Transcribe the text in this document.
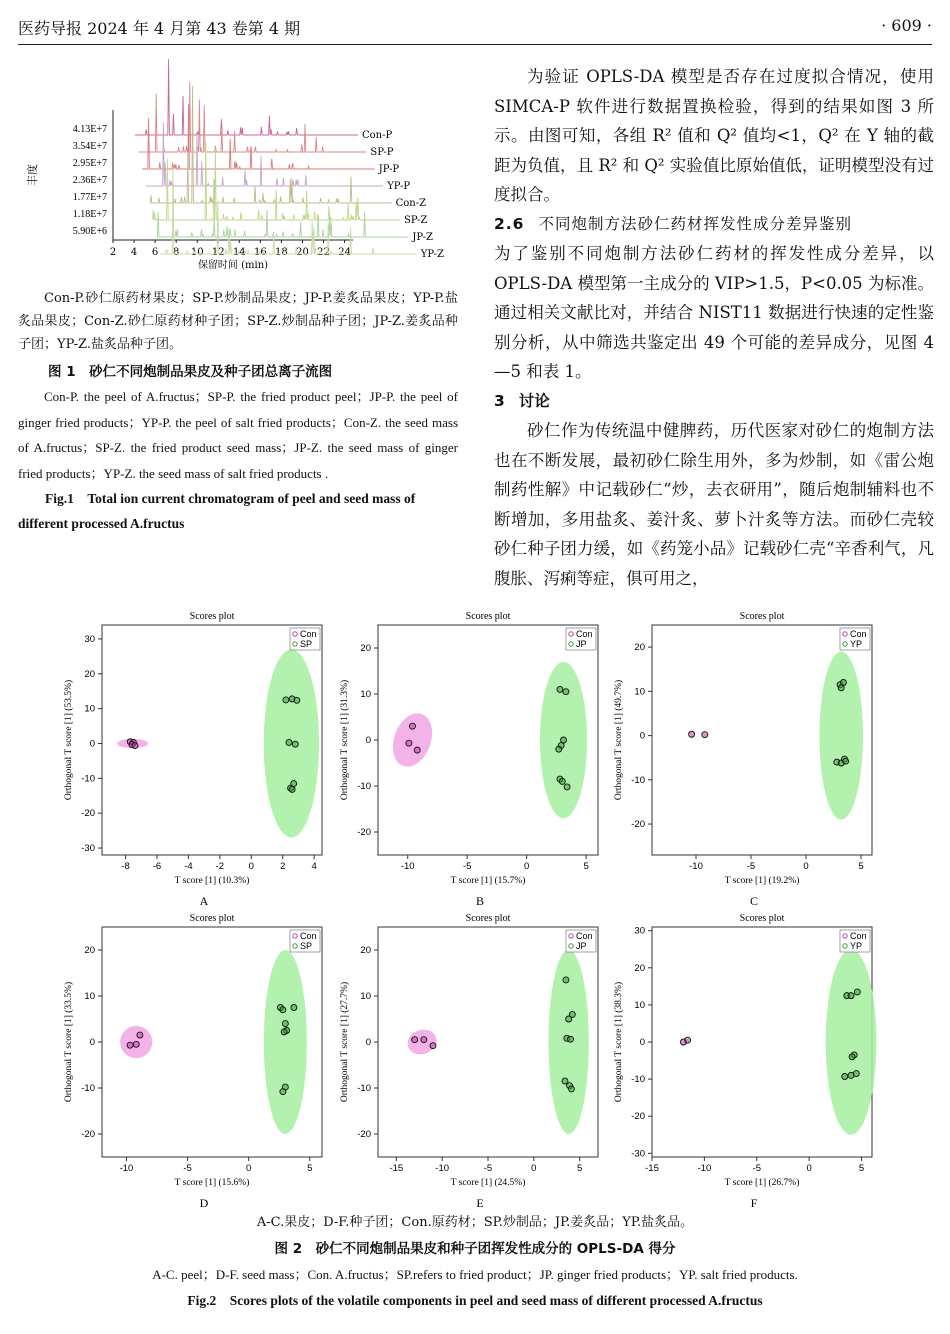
医药导报 2024 年 4 月第 43 卷第 4 期	· 609 ·
4.13E+7
3.54E+7
2.95E+7
2.36E+7
1.77E+7
1.18E+7
5.90E+6
丰度
2 4 6 8 10 12 14 16 18 20 22 24
保留时间 (min)
Con-P
SP-P
JP-P
YP-P
Con-Z
SP-Z
JP-Z
YP-Z
Con-P.砂仁原药材果皮；SP-P.炒制品果皮；JP-P.姜炙品果皮；YP-P.盐炙品果皮；Con-Z.砂仁原药材种子团；SP-Z.炒制品种子团；JP-Z.姜炙品种子团；YP-Z.盐炙品种子团。
图 1　砂仁不同炮制品果皮及种子团总离子流图
Con-P. the peel of A.fructus；SP-P. the fried product peel；JP-P. the peel of ginger fried products；YP-P. the peel of salt fried products；Con-Z. the seed mass of A.fructus；SP-Z. the fried product seed mass；JP-Z. the seed mass of ginger fried products；YP-Z. the seed mass of salt fried products .
Fig.1　Total ion current chromatogram of peel and seed mass of different processed A.fructus

为验证 OPLS-DA 模型是否存在过度拟合情况，使用 SIMCA-P 软件进行数据置换检验，得到的结果如图 3 所示。由图可知，各组 R² 值和 Q² 值均<1，Q² 在 Y 轴的截距为负值，且 R² 和 Q² 实验值比原始值低，证明模型没有过度拟合。

2.6 不同炮制方法砂仁药材挥发性成分差异鉴别

为了鉴别不同炮制方法砂仁药材的挥发性成分差异，以 OPLS-DA 模型第一主成分的 VIP>1.5，P<0.05 为标准。通过相关文献比对，并结合 NIST11 数据进行快速的定性鉴别分析，从中筛选共鉴定出 49 个可能的差异成分，见图 4—5 和表 1。

3 讨论

砂仁作为传统温中健脾药，历代医家对砂仁的炮制方法也在不断发展，最初砂仁除生用外，多为炒制，如《雷公炮制药性解》中记载砂仁“炒，去衣研用”，随后炮制辅料也不断增加，多用盐炙、姜汁炙、萝卜汁炙等方法。而砂仁壳较砂仁种子团力缓，如《药笼小品》记载砂仁壳“辛香利气，凡腹胀、泻痢等症，俱可用之，

Scores plot
-8 -6 -4 -2	0	2	4
-30
-20
-10
0
10
20
30
T score [1] (10.3%)
Orthogonal T score [1] (53.5%)
Con
SP
A
Scores plot
-10	-5	0	5
-20
-10
0
10
20
T score [1] (15.7%)
Orthogonal T score [1] (31.3%)
Con
JP
B
Scores plot
-10	-5	0	5
-20
-10
0
10
20
T score [1] (19.2%)
Orthogonal T score [1] (49.7%)
Con
YP
C
Scores plot
-10	-5	0	5
-20
-10
0
10
20
T score [1] (15.6%)
Orthogonal T score [1] (33.5%)
Con
SP
D
Scores plot
-15	-10	-5	0	5
-20
-10
0
10
20
T score [1] (24.5%)
Orthogonal T score [1] (27.7%)
Con
JP
E
Scores plot
-15	-10	-5	0	5
-30
-20
-10
0
10
20
30
T score [1] (26.7%)
Orthogonal T score [1] (38.3%)
Con
YP
F
A-C.果皮；D-F.种子团；Con.原药材；SP.炒制品；JP.姜炙品；YP.盐炙品。
图 2　砂仁不同炮制品果皮和种子团挥发性成分的 OPLS-DA 得分
A-C. peel；D-F. seed mass；Con. A.fructus；SP.refers to fried product；JP. ginger fried products；YP. salt fried products.
Fig.2　Scores plots of the volatile components in peel and seed mass of different processed A.fructus
